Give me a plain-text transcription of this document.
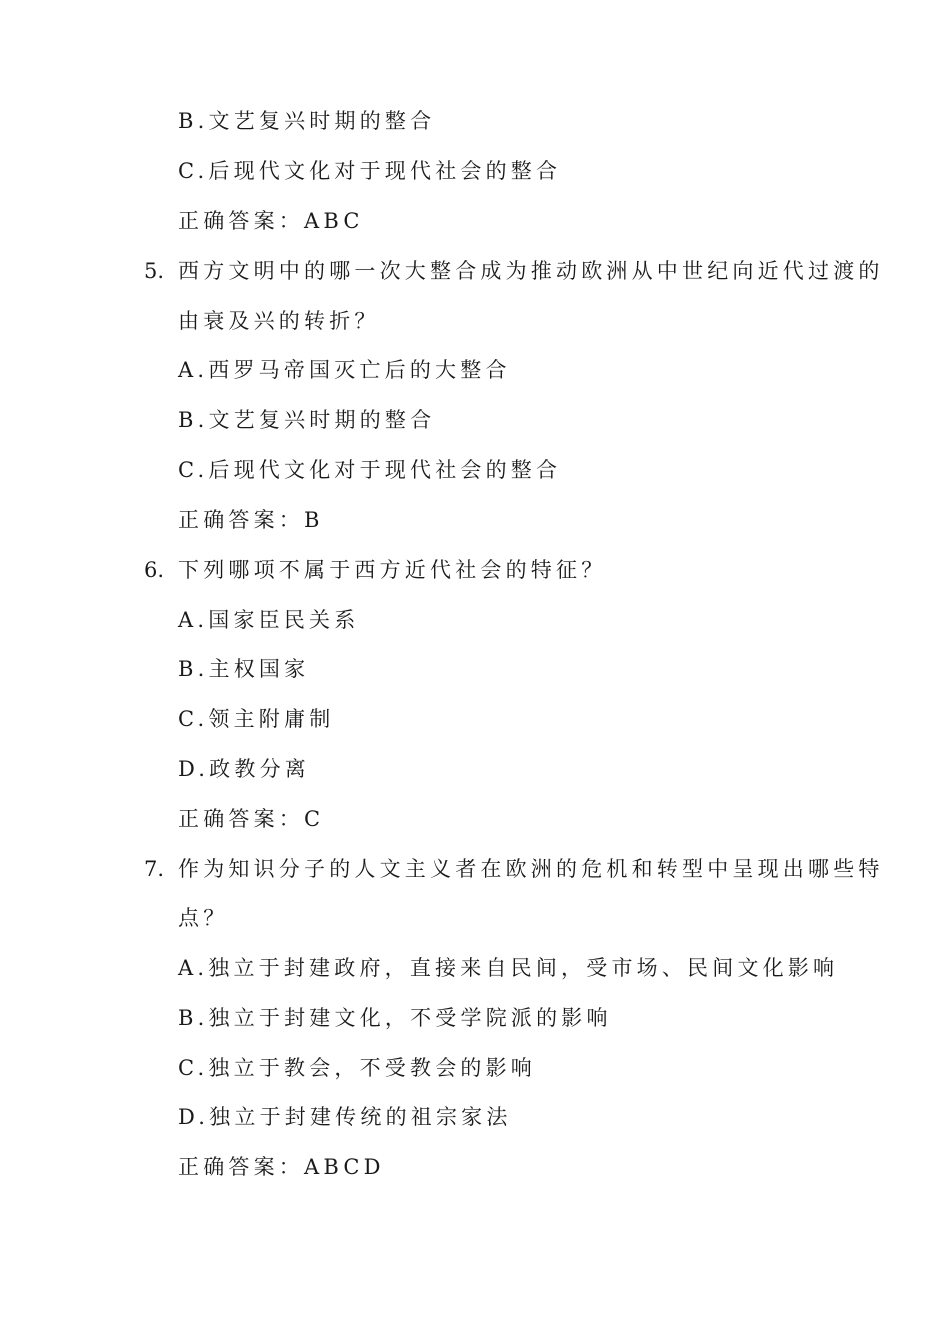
B.文艺复兴时期的整合
C.后现代文化对于现代社会的整合
正确答案：ABC
5. 西方文明中的哪一次大整合成为推动欧洲从中世纪向近代过渡的
由衰及兴的转折？
A.西罗马帝国灭亡后的大整合
B.文艺复兴时期的整合
C.后现代文化对于现代社会的整合
正确答案：B
6. 下列哪项不属于西方近代社会的特征？
A.国家臣民关系
B.主权国家
C.领主附庸制
D.政教分离
正确答案：C
7. 作为知识分子的人文主义者在欧洲的危机和转型中呈现出哪些特
点？
A.独立于封建政府，直接来自民间，受市场、民间文化影响
B.独立于封建文化，不受学院派的影响
C.独立于教会，不受教会的影响
D.独立于封建传统的祖宗家法
正确答案：ABCD
